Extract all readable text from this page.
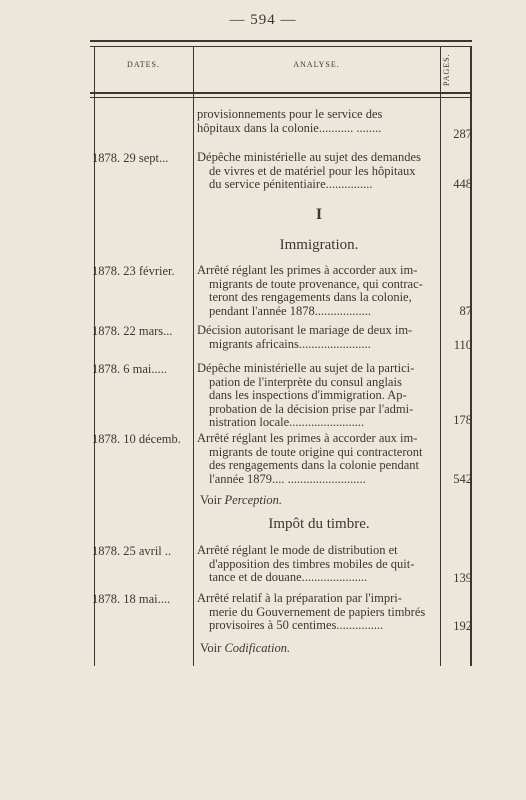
— 594 —
DATES.	ANALYSE.	PAGES.
provisionnements pour le service des
hôpitaux dans la colonie........... ........	287
1878. 29 sept...	Dépêche ministérielle au sujet des demandes
de vivres et de matériel pour les hôpitaux
du service pénitentiaire...............	448
I
Immigration.
1878. 23 février.	Arrêté réglant les primes à accorder aux im-
migrants de toute provenance, qui contrac-
teront des rengagements dans la colonie,
pendant l'année 1878..................	87
1878. 22 mars...	Décision autorisant le mariage de deux im-
migrants africains.......................	110
1878. 6 mai.....	Dépêche ministérielle au sujet de la partici-
pation de l'interprète du consul anglais
dans les inspections d'immigration. Ap-
probation de la décision prise par l'admi-
nistration locale........................	178
1878. 10 décemb.	Arrêté réglant les primes à accorder aux im-
migrants de toute origine qui contracteront
des rengagements dans la colonie pendant
l'année 1879.... .........................	542
Voir Perception.
Impôt du timbre.
1878. 25 avril ..	Arrêté réglant le mode de distribution et
d'apposition des timbres mobiles de quit-
tance et de douane.....................	139
1878. 18 mai....	Arrêté relatif à la préparation par l'impri-
merie du Gouvernement de papiers timbrés
provisoires à 50 centimes...............	192
Voir Codification.
